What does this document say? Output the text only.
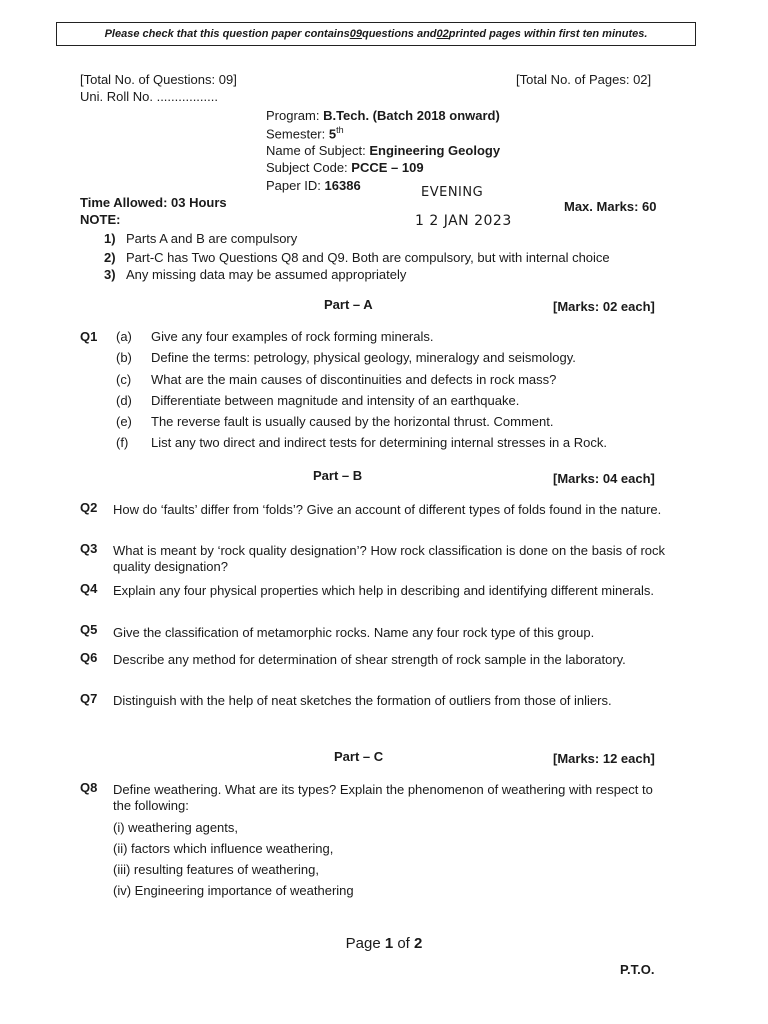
Please check that this question paper contains 09 questions and 02 printed pages within first ten minutes.
[Total No. of Questions: 09]	[Total No. of Pages: 02]
Uni. Roll No. .................
Program: B.Tech. (Batch 2018 onward)
Semester: 5th
Name of Subject: Engineering Geology
Subject Code: PCCE – 109
Paper ID: 16386	EVENING
1 2 JAN 2023
Time Allowed: 03 Hours	Max. Marks: 60
NOTE:
1) Parts A and B are compulsory
2) Part-C has Two Questions Q8 and Q9. Both are compulsory, but with internal choice
3) Any missing data may be assumed appropriately
Part – A	[Marks: 02 each]
Q1 (a) Give any four examples of rock forming minerals.
(b) Define the terms: petrology, physical geology, mineralogy and seismology.
(c) What are the main causes of discontinuities and defects in rock mass?
(d) Differentiate between magnitude and intensity of an earthquake.
(e) The reverse fault is usually caused by the horizontal thrust. Comment.
(f) List any two direct and indirect tests for determining internal stresses in a Rock.
Part – B	[Marks: 04 each]
Q2 How do ‘faults’ differ from ‘folds’? Give an account of different types of folds found in the nature.
Q3 What is meant by ‘rock quality designation’? How rock classification is done on the basis of rock quality designation?
Q4 Explain any four physical properties which help in describing and identifying different minerals.
Q5 Give the classification of metamorphic rocks. Name any four rock type of this group.
Q6 Describe any method for determination of shear strength of rock sample in the laboratory.
Q7 Distinguish with the help of neat sketches the formation of outliers from those of inliers.
Part – C	[Marks: 12 each]
Q8 Define weathering. What are its types? Explain the phenomenon of weathering with respect to the following:
(i) weathering agents,
(ii) factors which influence weathering,
(iii) resulting features of weathering,
(iv) Engineering importance of weathering
Page 1 of 2
P.T.O.
